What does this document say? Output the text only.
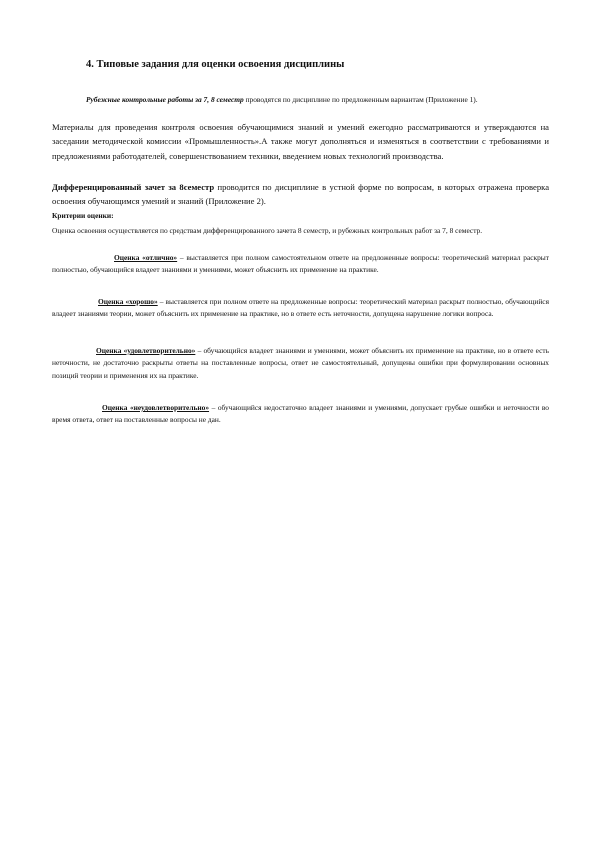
4. Типовые задания для оценки освоения дисциплины
Рубежные контрольные работы за 7, 8 семестр проводятся по дисциплине по предложенным вариантам (Приложение 1).
Материалы для проведения контроля освоения обучающимися знаний и умений ежегодно рассматриваются и утверждаются на заседании методической комиссии «Промышленность».А также могут дополняться и изменяться в соответствии с требованиями и предложениями работодателей, совершенствованием техники, введением новых технологий производства.
Дифференцированный зачет за 8семестр проводится по дисциплине в устной форме по вопросам, в которых отражена проверка освоения обучающимся умений и знаний (Приложение 2).
Критерии оценки:
Оценка освоения осуществляется по средствам дифференцированного зачета 8 семестр, и рубежных контрольных работ за 7, 8 семестр.
Оценка «отлично» – выставляется при полном самостоятельном ответе на предложенные вопросы: теоретический материал раскрыт полностью, обучающийся владеет знаниями и умениями, может объяснить их применение на практике.
Оценка «хорошо» – выставляется при полном ответе на предложенные вопросы: теоретический материал раскрыт полностью, обучающийся владеет знаниями теории, может объяснить их применение на практике, но в ответе есть неточности, допущена нарушение логики вопроса.
Оценка «удовлетворительно» – обучающийся владеет знаниями и умениями, может объяснить их применение на практике, но в ответе есть неточности, не достаточно раскрыты ответы на поставленные вопросы, ответ не самостоятельный, допущены ошибки при формулировании основных позиций теории и применения их на практике.
Оценка «неудовлетворительно» – обучающийся недостаточно владеет знаниями и умениями, допускает грубые ошибки и неточности во время ответа, ответ на поставленные вопросы не дан.
